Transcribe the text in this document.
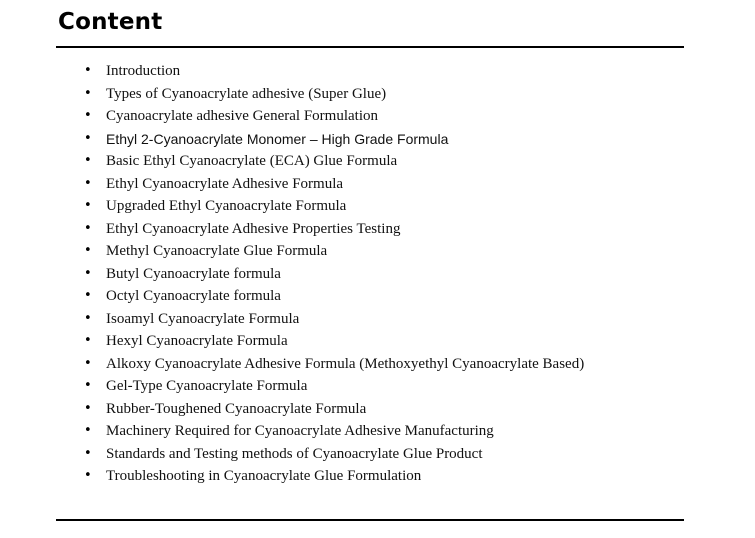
Content
• Introduction
• Types of Cyanoacrylate adhesive (Super Glue)
• Cyanoacrylate adhesive General Formulation
• Ethyl 2-Cyanoacrylate Monomer – High Grade Formula
• Basic Ethyl Cyanoacrylate (ECA) Glue Formula
• Ethyl Cyanoacrylate Adhesive Formula
• Upgraded Ethyl Cyanoacrylate Formula
• Ethyl Cyanoacrylate Adhesive Properties Testing
• Methyl Cyanoacrylate Glue Formula
• Butyl Cyanoacrylate formula
• Octyl Cyanoacrylate formula
• Isoamyl Cyanoacrylate Formula
• Hexyl Cyanoacrylate Formula
• Alkoxy Cyanoacrylate Adhesive Formula (Methoxyethyl Cyanoacrylate Based)
• Gel-Type Cyanoacrylate Formula
• Rubber-Toughened Cyanoacrylate Formula
• Machinery Required for Cyanoacrylate Adhesive Manufacturing
• Standards and Testing methods of Cyanoacrylate Glue Product
• Troubleshooting in Cyanoacrylate Glue Formulation
